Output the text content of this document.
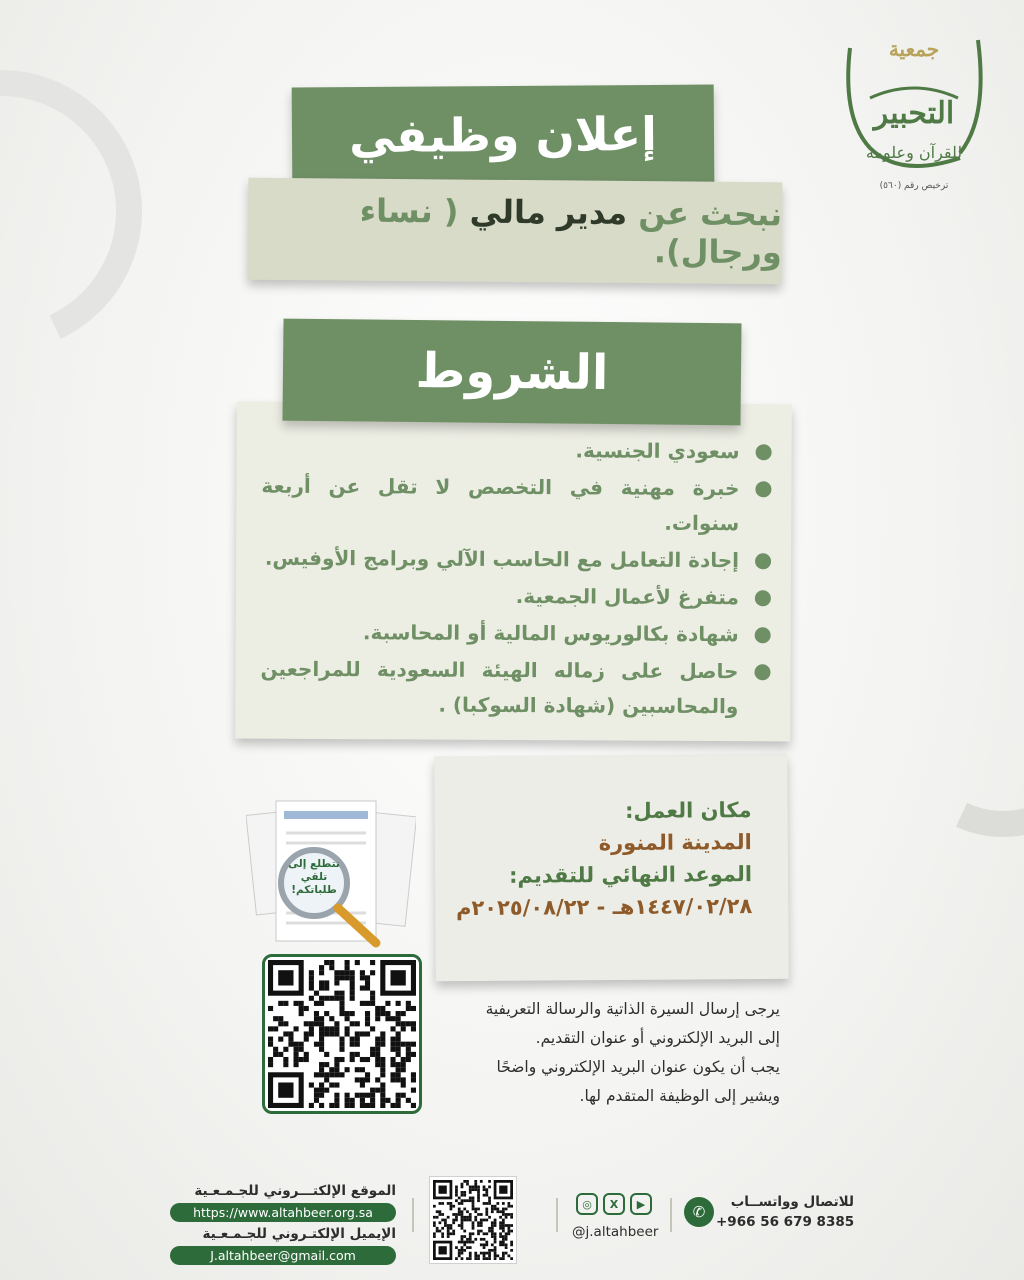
جمعية
التحبير
للقرآن وعلومه
ترخيص رقم (٥٦٠)
إعلان وظيفي
نبحث عن مدير مالي ( نساء ورجال).
الشروط
سعودي الجنسية.
خبرة مهنية في التخصص لا تقل عن أربعة سنوات.
إجادة التعامل مع الحاسب الآلي وبرامج الأوفيس.
متفرغ لأعمال الجمعية.
شهادة بكالوريوس المالية أو المحاسبة.
حاصل على زماله الهيئة السعودية للمراجعين والمحاسبين (شهادة السوكبا) .
نتطلع إلى تلقي طلباتكم!
مكان العمل:
المدينة المنورة
الموعد النهائي للتقديم:
١٤٤٧/٠٢/٢٨هـ - ٢٠٢٥/٠٨/٢٢م
يرجى إرسال السيرة الذاتية والرسالة التعريفية
إلى البريد الإلكتروني أو عنوان التقديم.
يجب أن يكون عنوان البريد الإلكتروني واضحًا
ويشير إلى الوظيفة المتقدم لها.
الموقع الإلكتـــروني للجـمـعـية
https://www.altahbeer.org.sa
الإيميل الإلكتـروني للجـمـعـية
J.altahbeer@gmail.com
◎	X	▶
@j.altahbeer
✆
للاتصال وواتســاب
+966 56 679 8385
